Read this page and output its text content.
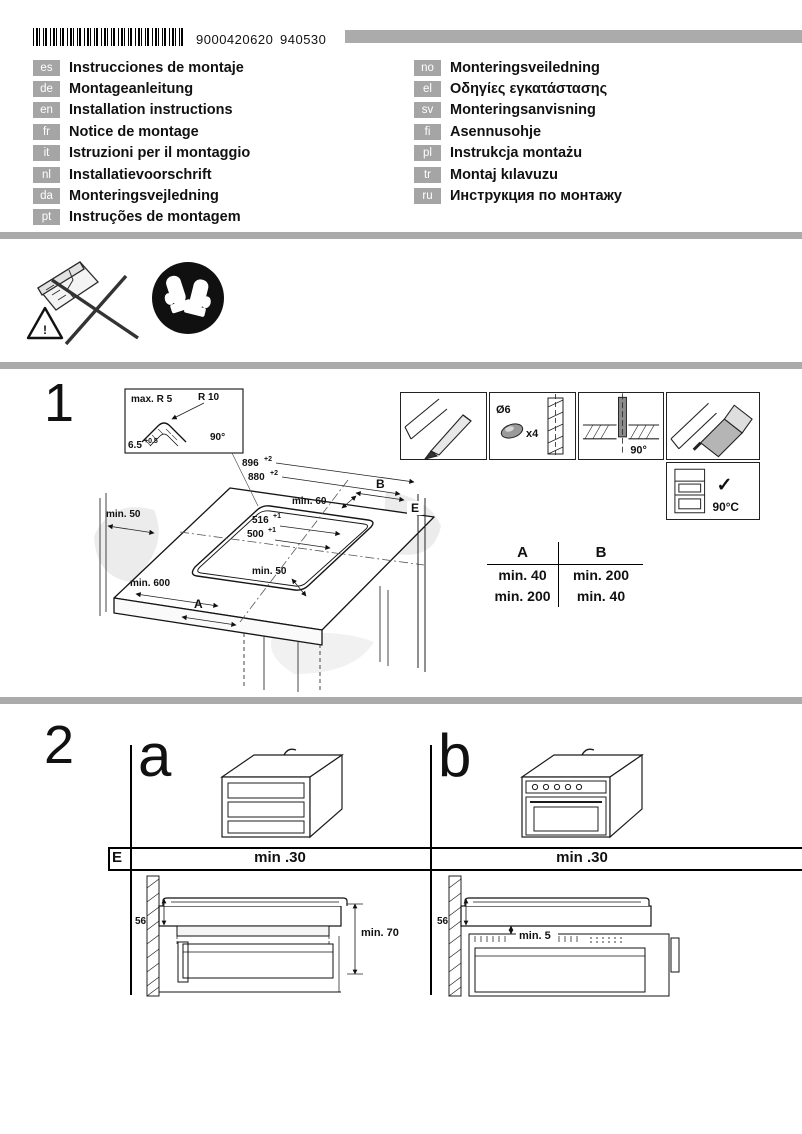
9000420620 940530
es	Instrucciones de montaje
de	Montageanleitung
en	Installation instructions
fr	Notice de montage
it	Istruzioni per il montaggio
nl	Installatievoorschrift
da	Monteringsvejledning
pt	Instruções de montagem
no	Monteringsveiledning
el	Οδηγίες εγκατάστασης
sv	Monteringsanvisning
fi	Asennusohje
pl	Instrukcja montażu
tr	Montaj kılavuzu
ru	Инструкция по монтажу
!
1	max. R 5	R 10
90°
6.5 +0.5
896 +2
880 +2
min. 60
B
E
min. 50
516 +1
500 +1
min. 600
min. 50
A
Ø6
x4
90°
✓
90°C
A	B
min. 40	min. 200
min. 200	min. 40
2 a	b
E	min .30	min .30
56
min. 70
56
min. 5
